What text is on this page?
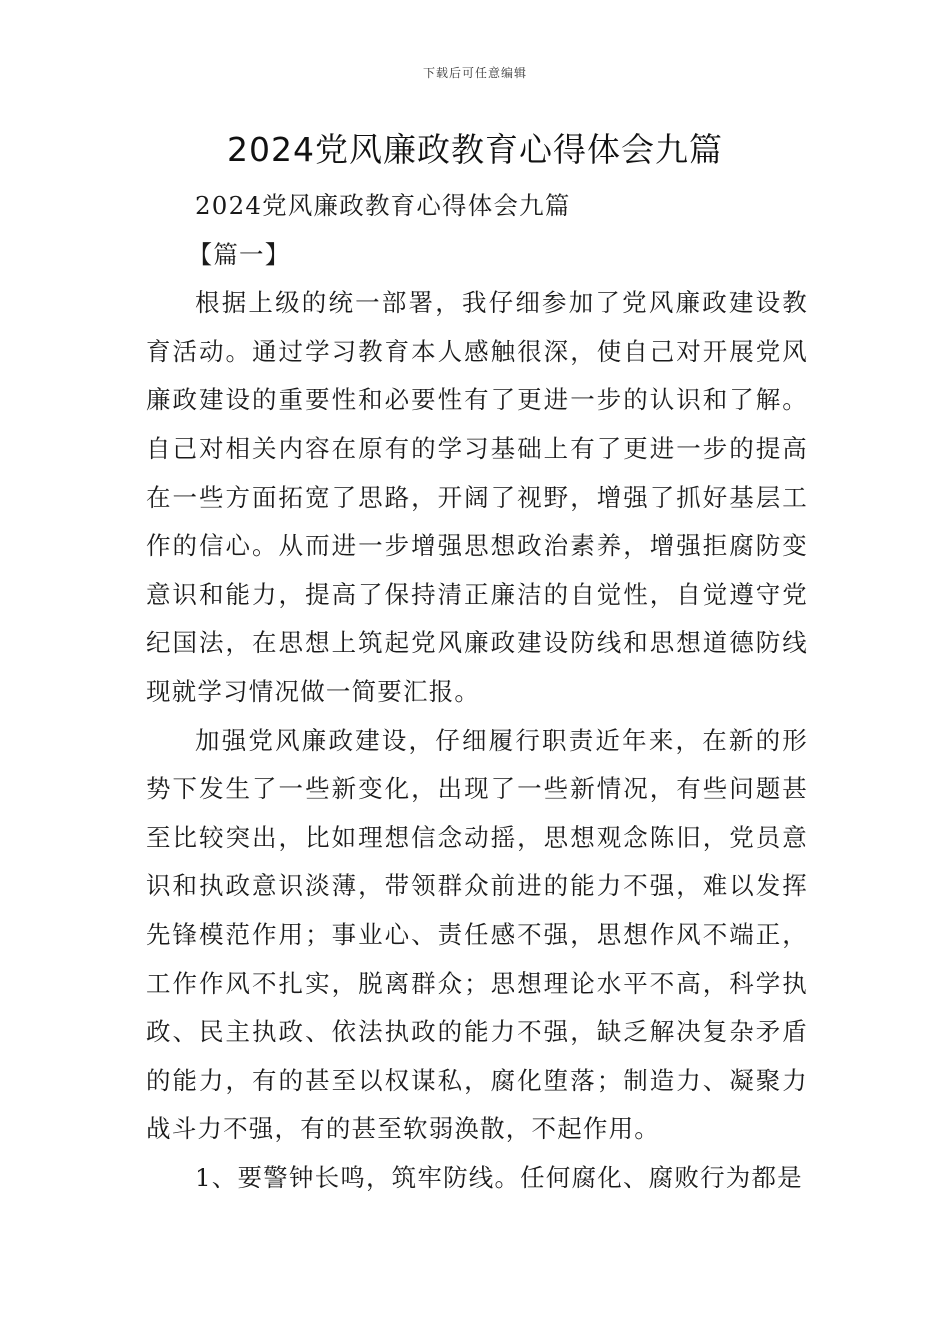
下载后可任意编辑
2024党风廉政教育心得体会九篇

2024党风廉政教育心得体会九篇

【篇一】

根据上级的统一部署，我仔细参加了党风廉政建设教育活动。通过学习教育本人感触很深，使自己对开展党风廉政建设的重要性和必要性有了更进一步的认识和了解。自己对相关内容在原有的学习基础上有了更进一步的提高在一些方面拓宽了思路，开阔了视野，增强了抓好基层工作的信心。从而进一步增强思想政治素养，增强拒腐防变意识和能力，提高了保持清正廉洁的自觉性，自觉遵守党纪国法，在思想上筑起党风廉政建设防线和思想道德防线现就学习情况做一简要汇报。

加强党风廉政建设，仔细履行职责近年来，在新的形势下发生了一些新变化，出现了一些新情况，有些问题甚至比较突出，比如理想信念动摇，思想观念陈旧，党员意识和执政意识淡薄，带领群众前进的能力不强，难以发挥先锋模范作用；事业心、责任感不强，思想作风不端正，工作作风不扎实，脱离群众；思想理论水平不高，科学执政、民主执政、依法执政的能力不强，缺乏解决复杂矛盾的能力，有的甚至以权谋私，腐化堕落；制造力、凝聚力战斗力不强，有的甚至软弱涣散，不起作用。

1、要警钟长鸣，筑牢防线。任何腐化、腐败行为都是
